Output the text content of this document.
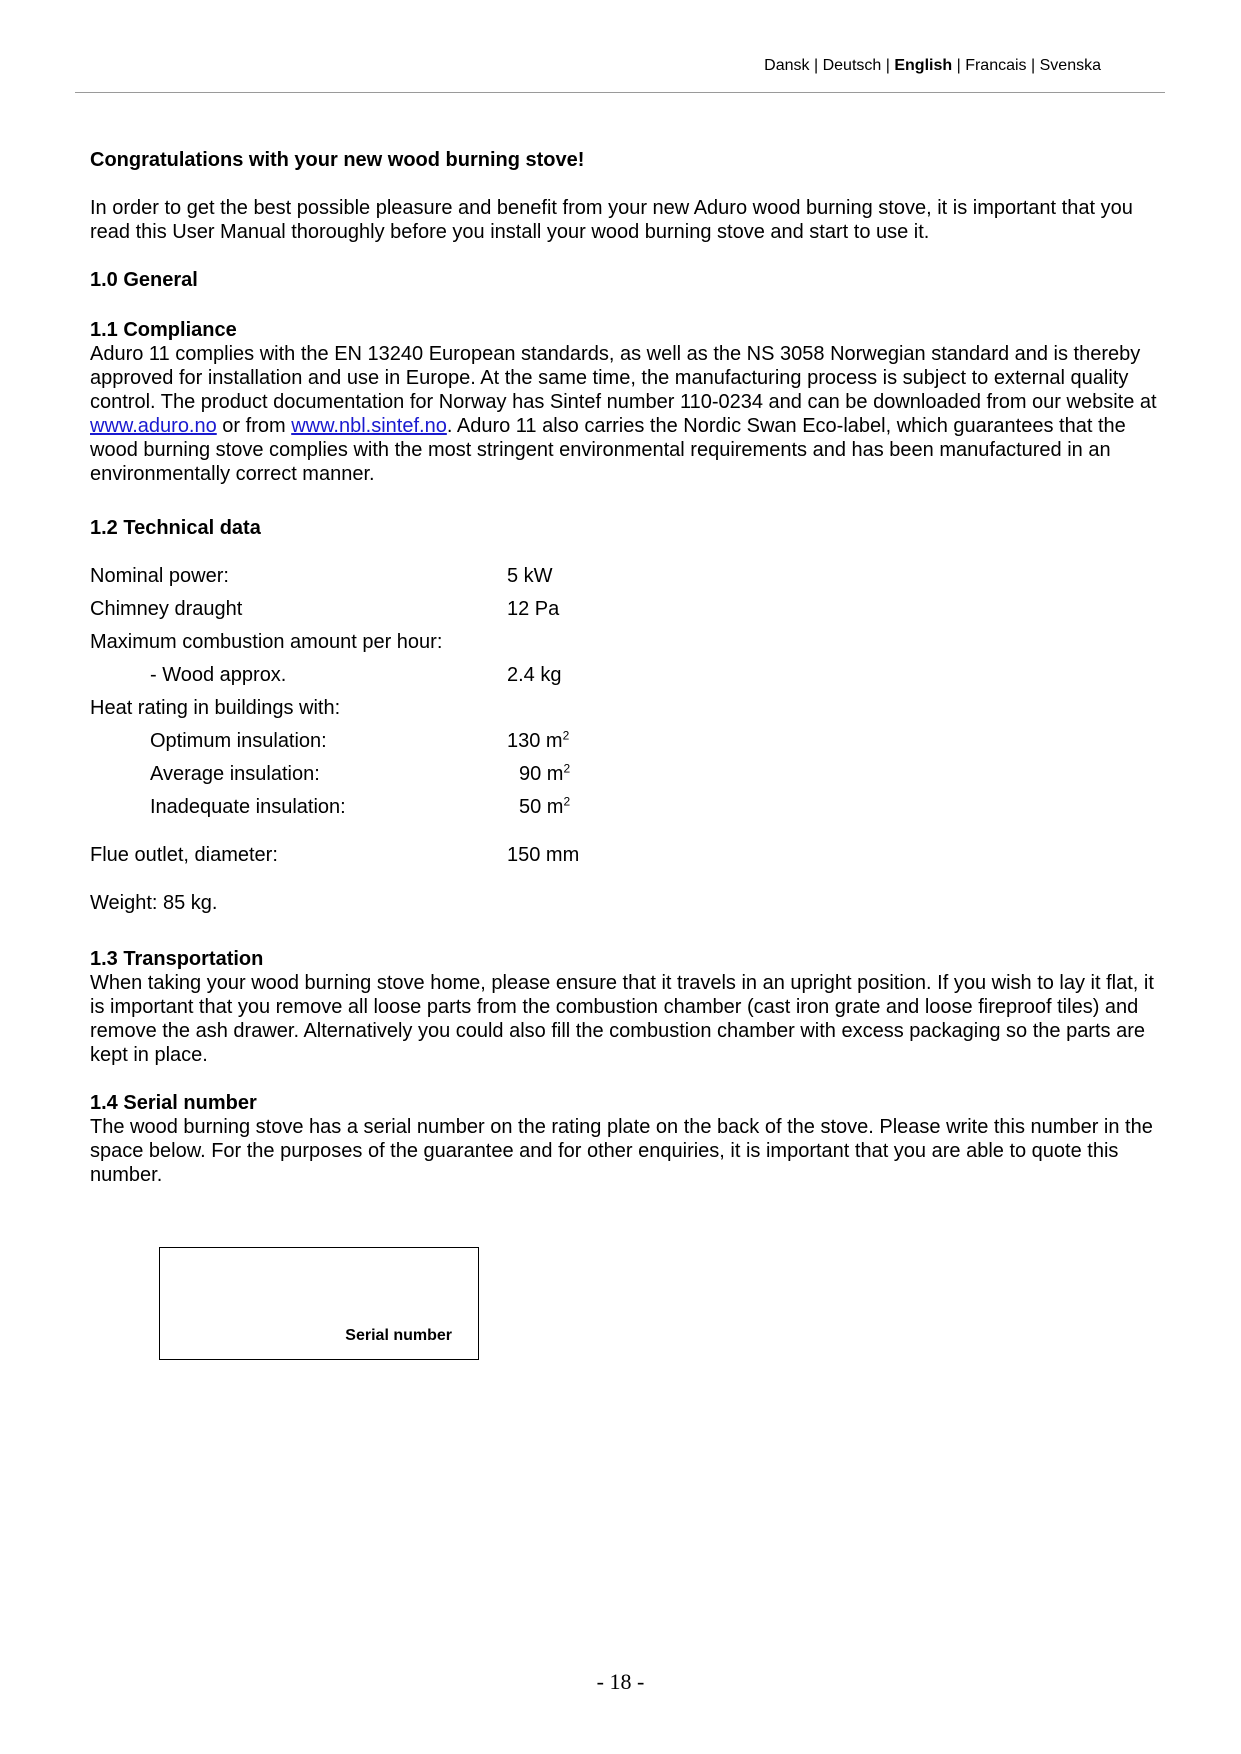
Dansk | Deutsch | English | Francais | Svenska
Congratulations with your new wood burning stove!

In order to get the best possible pleasure and benefit from your new Aduro wood burning stove, it is important that you read this User Manual thoroughly before you install your wood burning stove and start to use it.

1.0 General
1.1 Compliance

Aduro 11 complies with the EN 13240 European standards, as well as the NS 3058 Norwegian standard and is thereby approved for installation and use in Europe. At the same time, the manufacturing process is subject to external quality control. The product documentation for Norway has Sintef number 110-0234 and can be downloaded from our website at www.aduro.no or from www.nbl.sintef.no. Aduro 11 also carries the Nordic Swan Eco-label, which guarantees that the wood burning stove complies with the most stringent environmental requirements and has been manufactured in an environmentally correct manner.

1.2 Technical data
Nominal power:	5 kW
Chimney draught	12 Pa
Maximum combustion amount per hour:
- Wood approx.	2.4 kg
Heat rating in buildings with:
Optimum insulation:	130 $m^2$
Average insulation:	90 $m^2$
Inadequate insulation:	50 $m^2$
Flue outlet, diameter:	150 mm

Weight: 85 kg.

1.3 Transportation

When taking your wood burning stove home, please ensure that it travels in an upright position. If you wish to lay it flat, it is important that you remove all loose parts from the combustion chamber (cast iron grate and loose fireproof tiles) and remove the ash drawer. Alternatively you could also fill the combustion chamber with excess packaging so the parts are kept in place.

1.4 Serial number

The wood burning stove has a serial number on the rating plate on the back of the stove. Please write this number in the space below. For the purposes of the guarantee and for other enquiries, it is important that you are able to quote this number.

Serial number
- 18 -
